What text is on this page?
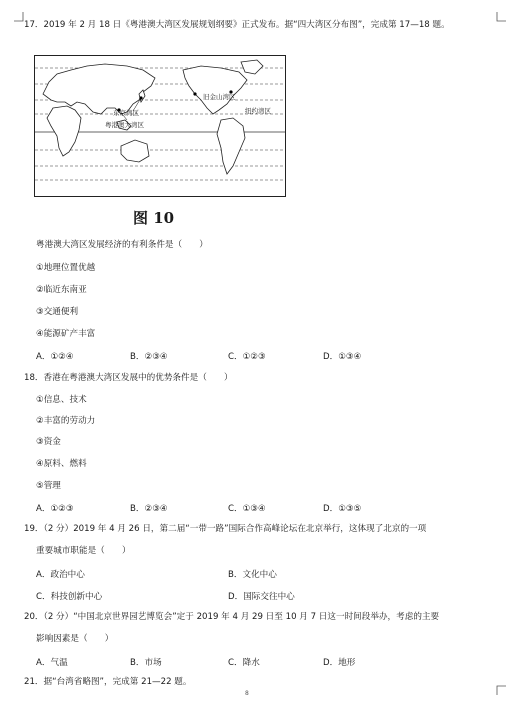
17．2019 年 2 月 18 日《粤港澳大湾区发展规划纲要》正式发布。据“四大湾区分布图”，完成第 17—18 题。
旧金山湾区
东京湾区
粤港澳大湾区
纽约湾区
图 10
粤港澳大湾区发展经济的有利条件是（　　）
①地理位置优越
②临近东南亚
③交通便利
④能源矿产丰富
A．①②④	B．②③④	C．①②③	D．①③④
18．香港在粤港澳大湾区发展中的优势条件是（　　）
①信息、技术
②丰富的劳动力
③资金
④原料、燃料
⑤管理
A．①②③	B．②③④	C．①③④	D．①③⑤
19．（2 分）2019 年 4 月 26 日，第二届“一带一路”国际合作高峰论坛在北京举行，这体现了北京的一项
重要城市职能是（　　）
A．政治中心	B．文化中心
C．科技创新中心	D．国际交往中心
20．（2 分）“中国北京世界园艺博览会”定于 2019 年 4 月 29 日至 10 月 7 日这一时间段举办，考虑的主要
影响因素是（　　）
A．气温	B．市场	C．降水	D．地形
21．据“台湾省略图”，完成第 21—22 题。
8
